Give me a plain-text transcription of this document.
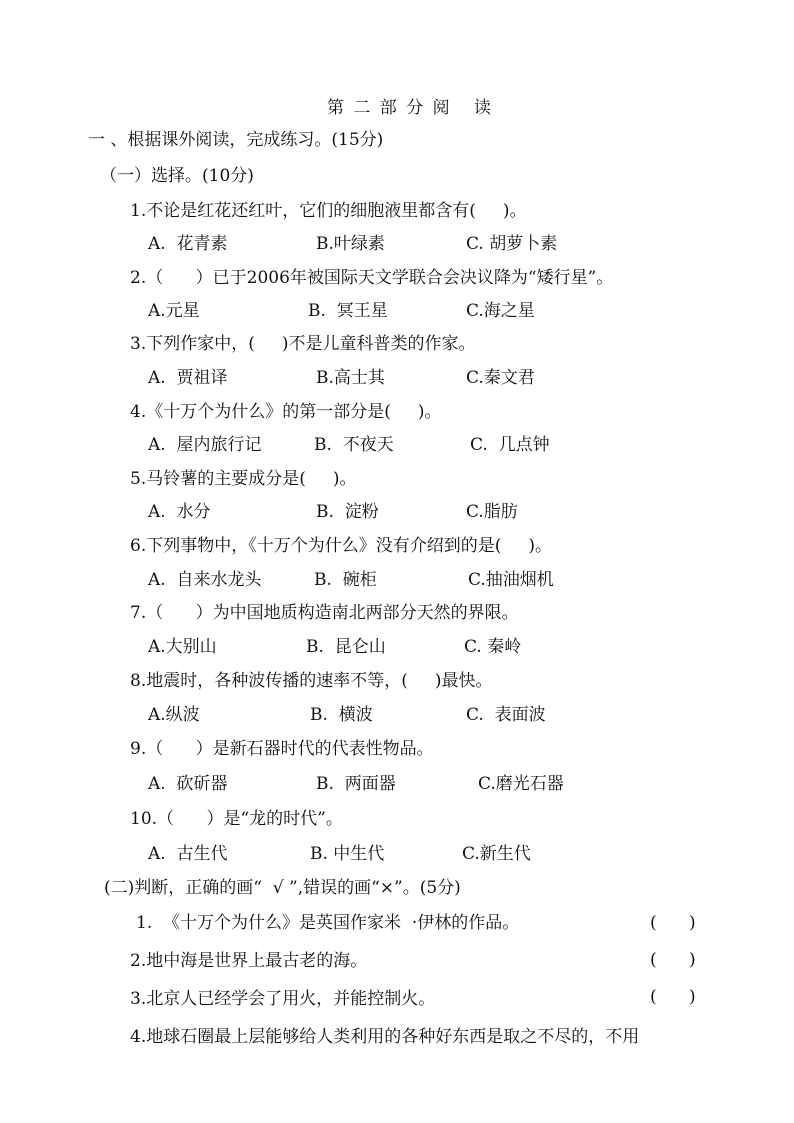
第 二 部 分 阅   读
一 、根据课外阅读，完成练习。(15分)
（一）选择。(10分)
1.不论是红花还红叶，它们的细胞液里都含有(     )。
A.  花青素	B.叶绿素	C. 胡萝卜素
2.（      ）已于2006年被国际天文学联合会决议降为“矮行星”。
A.元星	B.  冥王星	C.海之星
3.下列作家中，(     )不是儿童科普类的作家。
A.  贾祖译	B.高士其	C.秦文君
4.《十万个为什么》的第一部分是(     )。
A.  屋内旅行记	B.  不夜天	C.  几点钟
5.马铃薯的主要成分是(     )。
A.  水分	B.  淀粉	C.脂肪
6.下列事物中，《十万个为什么》没有介绍到的是(     )。
A.  自来水龙头	B.  碗柜	C.抽油烟机
7.（      ）为中国地质构造南北两部分天然的界限。
A.大别山	B.  昆仑山	C. 秦岭
8.地震时，各种波传播的速率不等，(     )最快。
A.纵波	B.  横波	C.  表面波
9.（      ）是新石器时代的代表性物品。
A.  砍斫器	B.  两面器	C.磨光石器
10.（      ）是“龙的时代”。
A.  古生代	B. 中生代	C.新生代
(二)判断，正确的画“  √ ”,错误的画“×”。(5分)
1.  《十万个为什么》是英国作家米  ·伊林的作品。	(      )
2.地中海是世界上最古老的海。	(      )
3.北京人已经学会了用火，并能控制火。	(      )
4.地球石圈最上层能够给人类利用的各种好东西是取之不尽的，不用
